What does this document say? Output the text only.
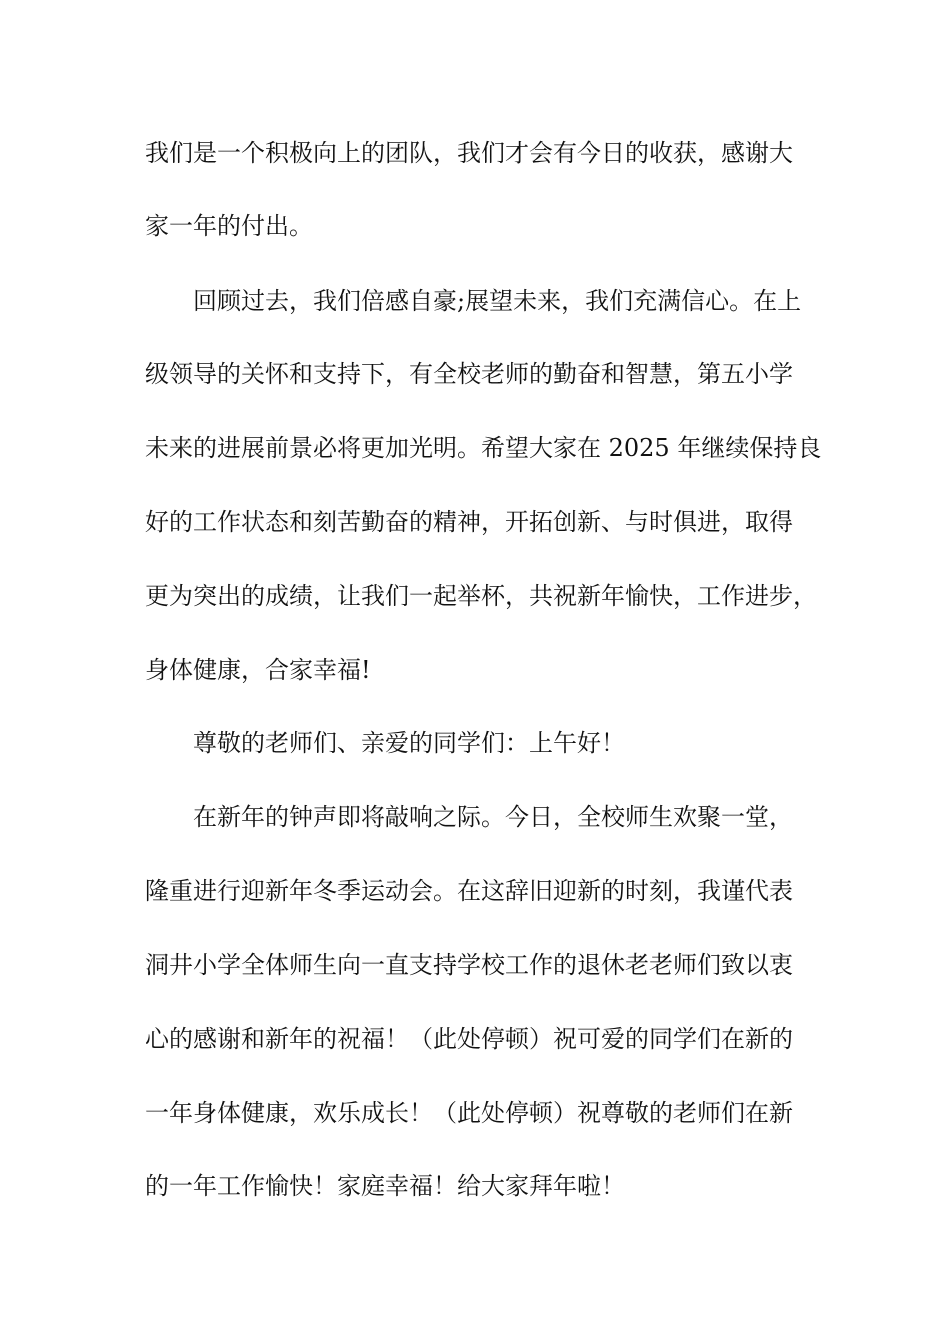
我们是一个积极向上的团队，我们才会有今日的收获，感谢大
家一年的付出。
回顾过去，我们倍感自豪;展望未来，我们充满信心。在上
级领导的关怀和支持下，有全校老师的勤奋和智慧，第五小学
未来的进展前景必将更加光明。希望大家在 2025 年继续保持良
好的工作状态和刻苦勤奋的精神，开拓创新、与时俱进，取得
更为突出的成绩，让我们一起举杯，共祝新年愉快，工作进步，
身体健康，合家幸福!
尊敬的老师们、亲爱的同学们：上午好！
在新年的钟声即将敲响之际。今日，全校师生欢聚一堂，
隆重进行迎新年冬季运动会。在这辞旧迎新的时刻，我谨代表
洞井小学全体师生向一直支持学校工作的退休老老师们致以衷
心的感谢和新年的祝福！（此处停顿）祝可爱的同学们在新的
一年身体健康，欢乐成长！（此处停顿）祝尊敬的老师们在新
的一年工作愉快！家庭幸福！给大家拜年啦！
